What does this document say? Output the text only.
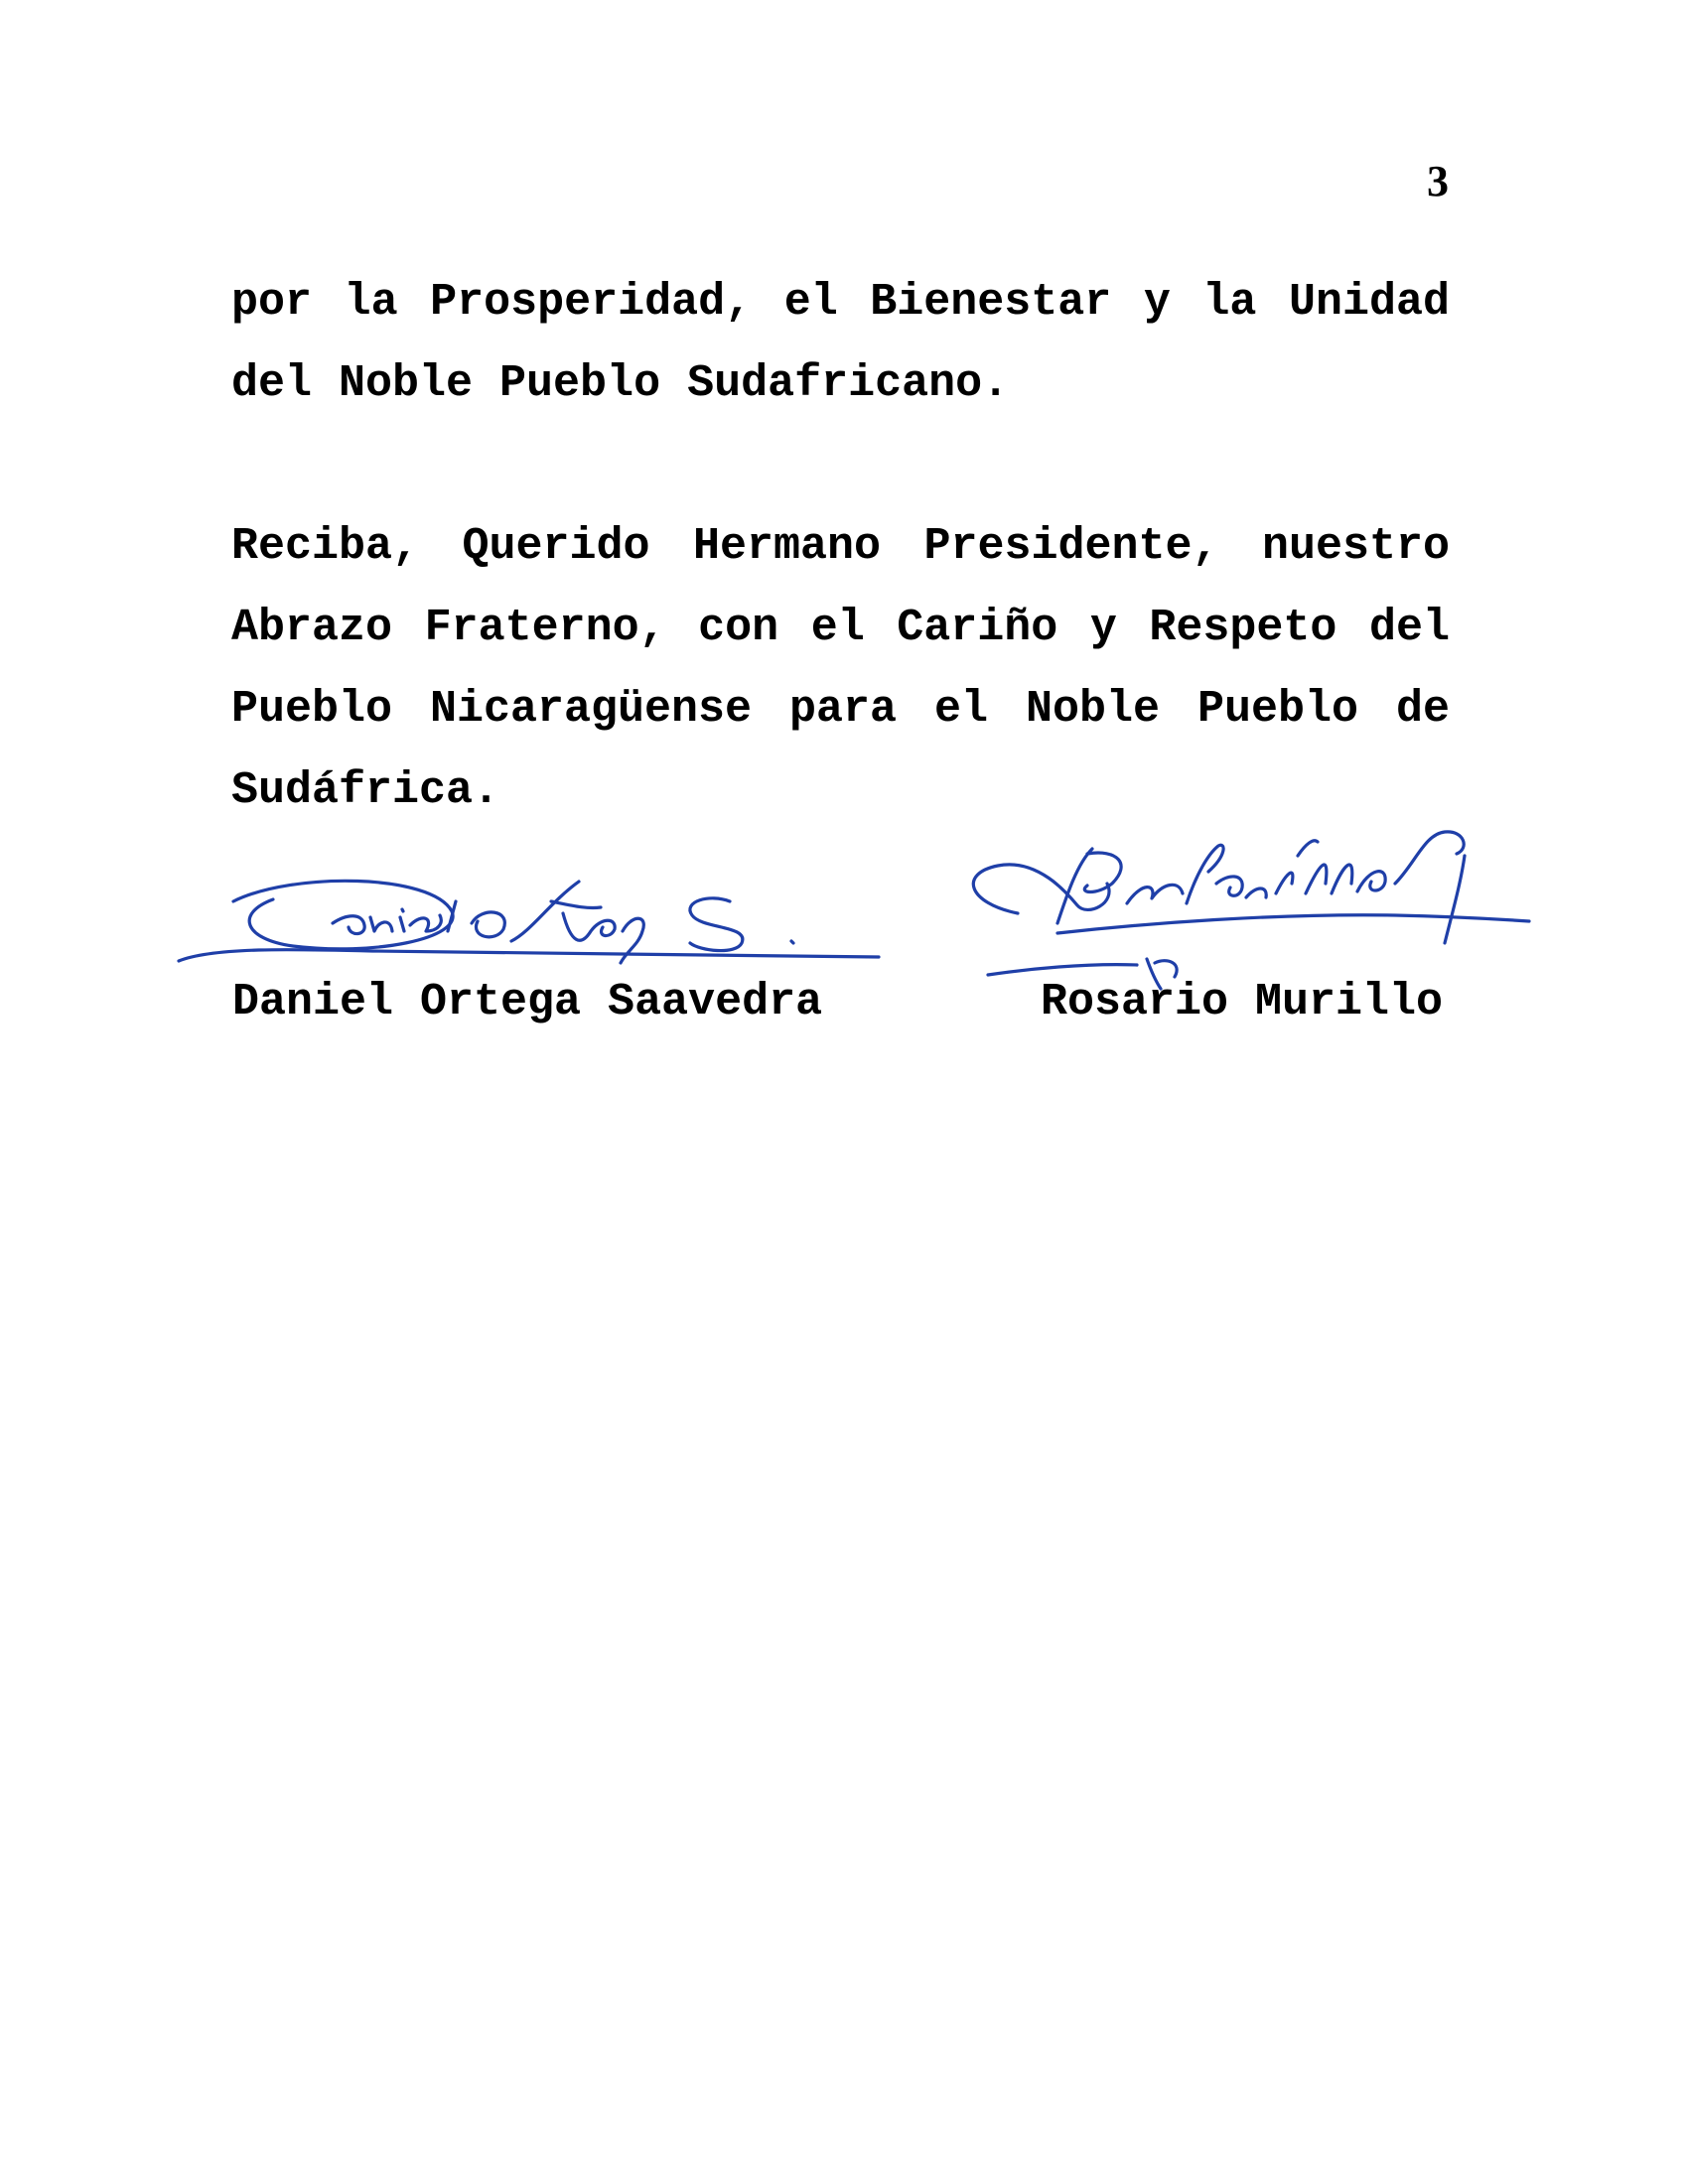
3

por la Prosperidad, el Bienestar y la Unidad del Noble Pueblo Sudafricano.

Reciba, Querido Hermano Presidente, nuestro Abrazo Fraterno, con el Cariño y Respeto del Pueblo Nicaragüense para el Noble Pueblo de Sudáfrica.

Daniel Ortega Saavedra	Rosario Murillo
